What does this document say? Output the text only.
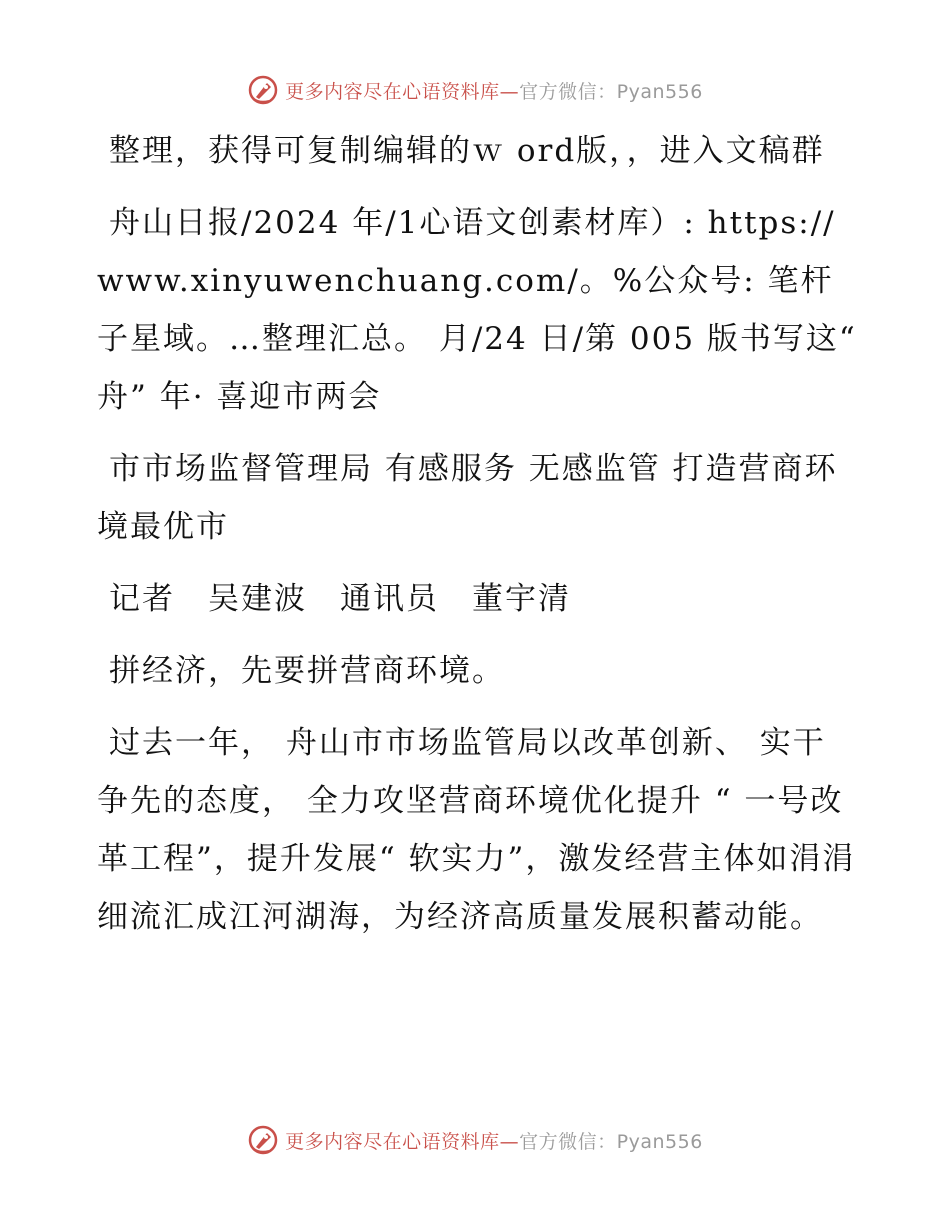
更多内容尽在心语资料库—官方微信：Pyan556

整理，获得可复制编辑的ｗ ord版，，进入文稿群

舟山日报/2024 年/1心语文创素材库）: https://www.xinyuwenchuang.com/。%公众号: 笔杆子星域。…整理汇总。 月/24 日/第 005 版书写这“ 舟” 年· 喜迎市两会

市市场监督管理局 有感服务 无感监管 打造营商环境最优市

记者　吴建波　通讯员　董宇清

拼经济，先要拼营商环境。

过去一年， 舟山市市场监管局以改革创新、 实干争先的态度， 全力攻坚营商环境优化提升 “ 一号改革工程”，提升发展“ 软实力”，激发经营主体如涓涓细流汇成江河湖海，为经济高质量发展积蓄动能。

更多内容尽在心语资料库—官方微信：Pyan556
